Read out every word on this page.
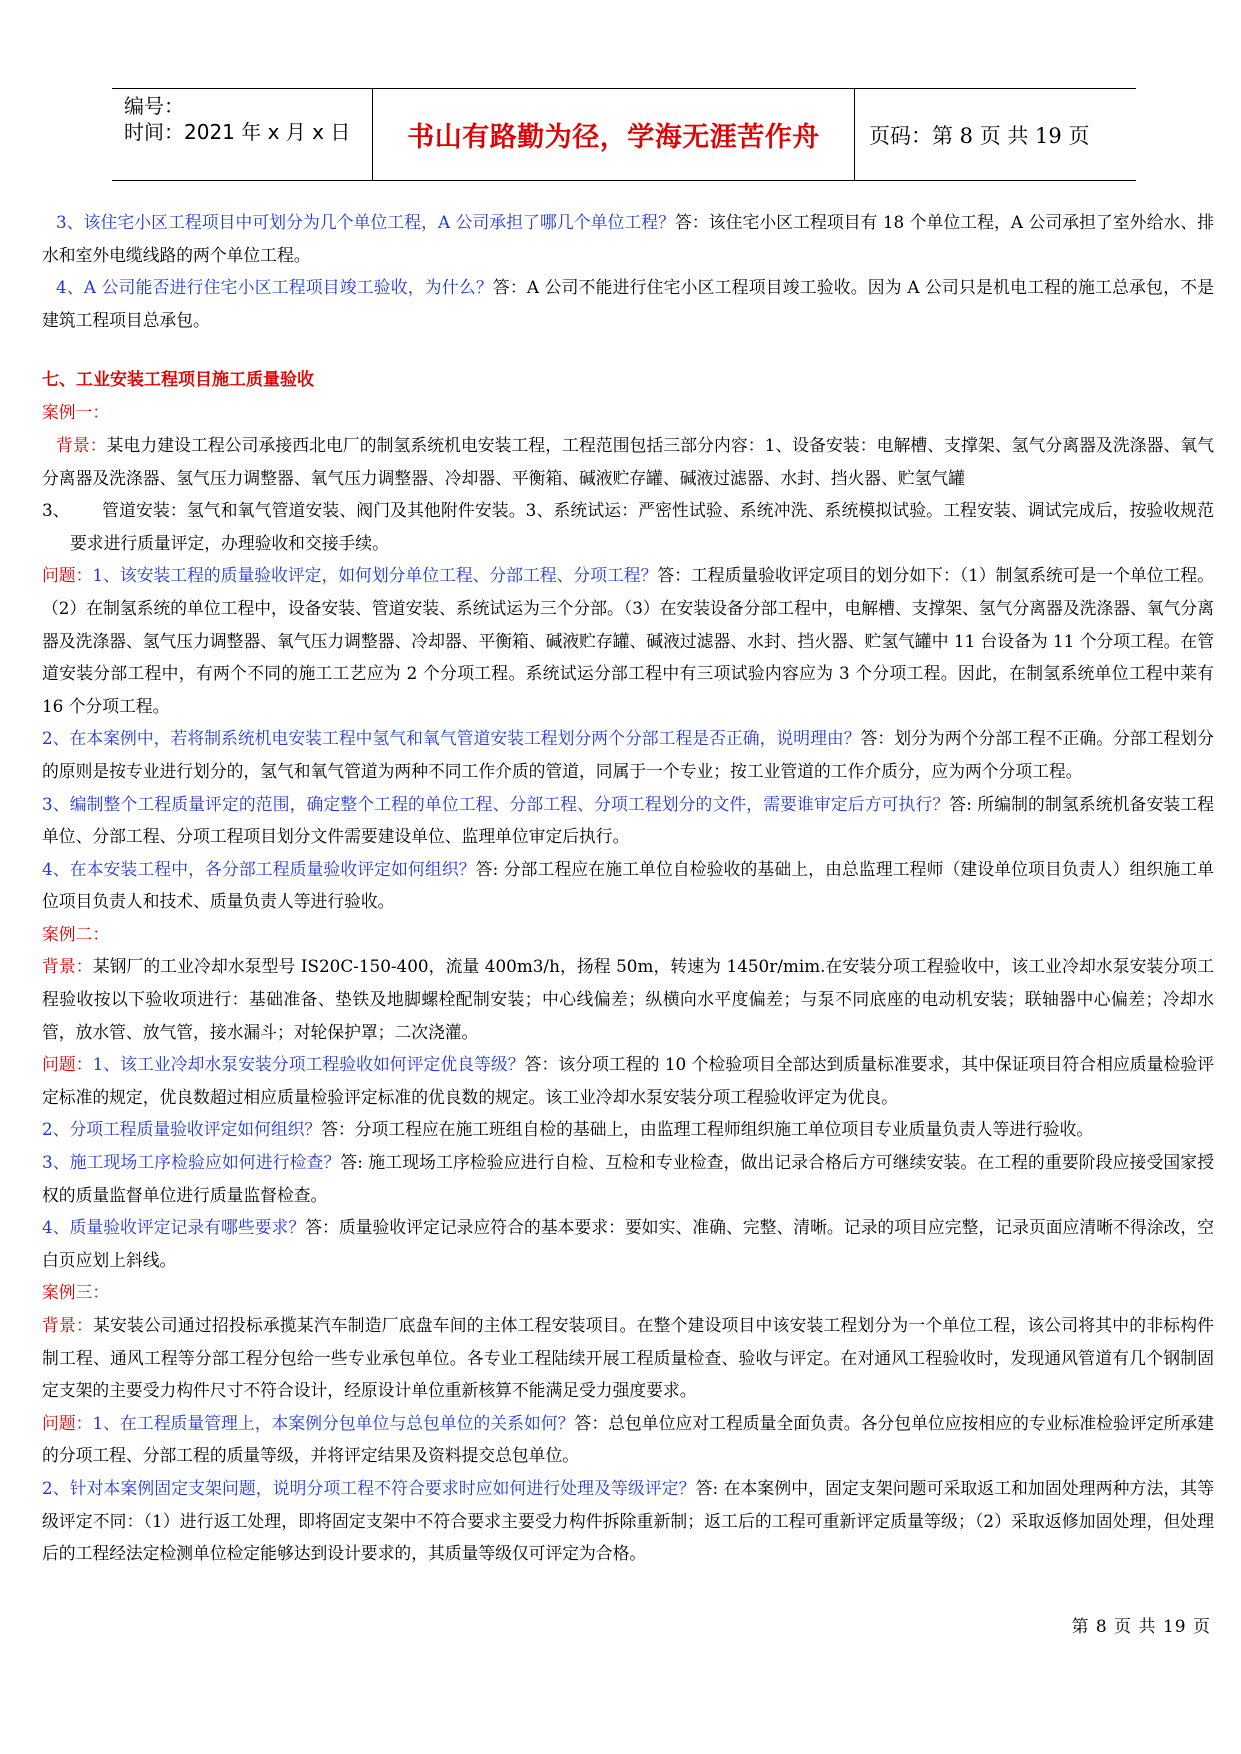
编号：
时间：2021 年 x 月 x 日	书山有路勤为径，学海无涯苦作舟	页码：第 8 页 共 19 页

3、该住宅小区工程项目中可划分为几个单位工程，A 公司承担了哪几个单位工程？答：该住宅小区工程项目有 18 个单位工程，A 公司承担了室外给水、排水和室外电缆线路的两个单位工程。

4、A 公司能否进行住宅小区工程项目竣工验收，为什么？答：A 公司不能进行住宅小区工程项目竣工验收。因为 A 公司只是机电工程的施工总承包，不是建筑工程项目总承包。

七、工业安装工程项目施工质量验收

案例一：

背景：某电力建设工程公司承接西北电厂的制氢系统机电安装工程，工程范围包括三部分内容：1、设备安装：电解槽、支撑架、氢气分离器及洗涤器、氧气分离器及洗涤器、氢气压力调整器、氧气压力调整器、冷却器、平衡箱、碱液贮存罐、碱液过滤器、水封、挡火器、贮氢气罐

3、 管道安装：氢气和氧气管道安装、阀门及其他附件安装。3、系统试运：严密性试验、系统冲洗、系统模拟试验。工程安装、调试完成后，按验收规范要求进行质量评定，办理验收和交接手续。

问题：1、该安装工程的质量验收评定，如何划分单位工程、分部工程、分项工程？答：工程质量验收评定项目的划分如下：（1）制氢系统可是一个单位工程。（2）在制氢系统的单位工程中，设备安装、管道安装、系统试运为三个分部。（3）在安装设备分部工程中，电解槽、支撑架、氢气分离器及洗涤器、氧气分离器及洗涤器、氢气压力调整器、氧气压力调整器、冷却器、平衡箱、碱液贮存罐、碱液过滤器、水封、挡火器、贮氢气罐中 11 台设备为 11 个分项工程。在管道安装分部工程中，有两个不同的施工工艺应为 2 个分项工程。系统试运分部工程中有三项试验内容应为 3 个分项工程。因此，在制氢系统单位工程中莱有 16 个分项工程。

2、在本案例中，若将制系统机电安装工程中氢气和氧气管道安装工程划分两个分部工程是否正确，说明理由？答：划分为两个分部工程不正确。分部工程划分的原则是按专业进行划分的，氢气和氧气管道为两种不同工作介质的管道，同属于一个专业；按工业管道的工作介质分，应为两个分项工程。

3、编制整个工程质量评定的范围，确定整个工程的单位工程、分部工程、分项工程划分的文件，需要谁审定后方可执行？答: 所编制的制氢系统机备安装工程单位、分部工程、分项工程项目划分文件需要建设单位、监理单位审定后执行。

4、在本安装工程中，各分部工程质量验收评定如何组织？答: 分部工程应在施工单位自检验收的基础上，由总监理工程师（建设单位项目负责人）组织施工单位项目负责人和技术、质量负责人等进行验收。

案例二：

背景：某钢厂的工业冷却水泵型号 IS20C-150-400，流量 400m3/h，扬程 50m，转速为 1450r/mim.在安装分项工程验收中，该工业冷却水泵安装分项工程验收按以下验收项进行：基础准备、垫铁及地脚螺栓配制安装；中心线偏差；纵横向水平度偏差；与泵不同底座的电动机安装；联轴器中心偏差；冷却水管，放水管、放气管，接水漏斗；对轮保护罩；二次浇灌。

问题：1、该工业冷却水泵安装分项工程验收如何评定优良等级？答：该分项工程的 10 个检验项目全部达到质量标准要求，其中保证项目符合相应质量检验评定标准的规定，优良数超过相应质量检验评定标准的优良数的规定。该工业冷却水泵安装分项工程验收评定为优良。

2、分项工程质量验收评定如何组织？答：分项工程应在施工班组自检的基础上，由监理工程师组织施工单位项目专业质量负责人等进行验收。

3、施工现场工序检验应如何进行检查？答: 施工现场工序检验应进行自检、互检和专业检查，做出记录合格后方可继续安装。在工程的重要阶段应接受国家授权的质量监督单位进行质量监督检查。

4、质量验收评定记录有哪些要求？答：质量验收评定记录应符合的基本要求：要如实、准确、完整、清晰。记录的项目应完整，记录页面应清晰不得涂改，空白页应划上斜线。

案例三：

背景：某安装公司通过招投标承揽某汽车制造厂底盘车间的主体工程安装项目。在整个建设项目中该安装工程划分为一个单位工程，该公司将其中的非标构件制工程、通风工程等分部工程分包给一些专业承包单位。各专业工程陆续开展工程质量检查、验收与评定。在对通风工程验收时，发现通风管道有几个钢制固定支架的主要受力构件尺寸不符合设计，经原设计单位重新核算不能满足受力强度要求。

问题：1、在工程质量管理上，本案例分包单位与总包单位的关系如何？答：总包单位应对工程质量全面负责。各分包单位应按相应的专业标准检验评定所承建的分项工程、分部工程的质量等级，并将评定结果及资料提交总包单位。

2、针对本案例固定支架问题，说明分项工程不符合要求时应如何进行处理及等级评定？答: 在本案例中，固定支架问题可采取返工和加固处理两种方法，其等级评定不同：（1）进行返工处理，即将固定支架中不符合要求主要受力构件拆除重新制；返工后的工程可重新评定质量等级；（2）采取返修加固处理，但处理后的工程经法定检测单位检定能够达到设计要求的，其质量等级仅可评定为合格。

第 8 页 共 19 页
